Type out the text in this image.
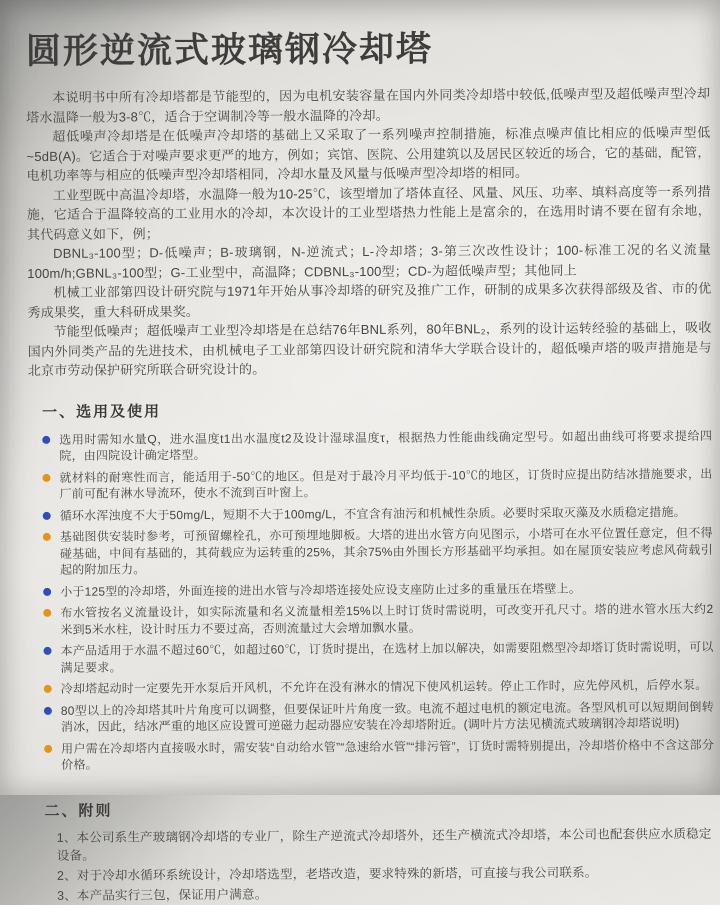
圆形逆流式玻璃钢冷却塔

本说明书中所有冷却塔都是节能型的，因为电机安装容量在国内外同类冷却塔中较低,低噪声型及超低噪声型冷却塔水温降一般为3-8℃，适合于空调制冷等一般水温降的冷却。

超低噪声冷却塔是在低噪声冷却塔的基础上又采取了一系列噪声控制措施，标准点噪声值比相应的低噪声型低~5dB(A)。它适合于对噪声要求更严的地方，例如；宾馆、医院、公用建筑以及居民区较近的场合，它的基础，配管，电机功率等与相应的低噪声型冷却塔相同，冷却水量及风量与低噪声型冷却塔的相同。

工业型既中高温冷却塔，水温降一般为10-25℃，该型增加了塔体直径、风量、风压、功率、填料高度等一系列措施，它适合于温降较高的工业用水的冷却，本次设计的工业型塔热力性能上是富余的，在选用时请不要在留有余地，其代码意义如下，例；

DBNL₃-100型；D-低噪声；B-玻璃钢，N-逆流式；L-冷却塔；3-第三次改性设计；100-标准工况的名义流量100m/h;GBNL₃-100型；G-工业型中，高温降；CDBNL₃-100型；CD-为超低噪声型；其他同上

机械工业部第四设计研究院与1971年开始从事冷却塔的研究及推广工作，研制的成果多次获得部级及省、市的优秀成果奖，重大科研成果奖。

节能型低噪声；超低噪声工业型冷却塔是在总结76年BNL系列，80年BNL₂，系列的设计运转经验的基础上，吸收国内外同类产品的先进技术，由机械电子工业部第四设计研究院和清华大学联合设计的，超低噪声塔的吸声措施是与北京市劳动保护研究所联合研究设计的。

一、选用及使用
选用时需知水量Q，进水温度t1出水温度t2及设计湿球温度τ，根据热力性能曲线确定型号。如超出曲线可将要求提给四院，由四院设计确定塔型。
就材料的耐寒性而言，能适用于-50℃的地区。但是对于最冷月平均低于-10℃的地区，订货时应提出防结冰措施要求，出厂前可配有淋水导流环，使水不流到百叶窗上。
循环水浑浊度不大于50mg/L，短期不大于100mg/L，不宜含有油污和机械性杂质。必要时采取灭藻及水质稳定措施。
基础图供安装时参考，可预留螺栓孔，亦可预埋地脚板。大塔的进出水管方向见图示，小塔可在水平位置任意定，但不得碰基础，中间有基础的，其荷载应为运转重的25%，其余75%由外围长方形基础平均承担。如在屋顶安装应考虑风荷载引起的附加压力。
小于125型的冷却塔，外面连接的进出水管与冷却塔连接处应设支座防止过多的重量压在塔壁上。
布水管按名义流量设计，如实际流量和名义流量相差15%以上时订货时需说明，可改变开孔尺寸。塔的进水管水压大约2米到5米水柱，设计时压力不要过高，否则流量过大会增加飘水量。
本产品适用于水温不超过60℃，如超过60℃，订货时提出，在选材上加以解决，如需要阻燃型冷却塔订货时需说明，可以满足要求。
冷却塔起动时一定要先开水泵后开风机，不允许在没有淋水的情况下使风机运转。停止工作时，应先停风机，后停水泵。
80型以上的冷却塔其叶片角度可以调整，但要保证叶片角度一致。电流不超过电机的额定电流。各型风机可以短期间倒转消冰，因此，结冰严重的地区应设置可逆磁力起动器应安装在冷却塔附近。(调叶片方法见横流式玻璃钢冷却塔说明)
用户需在冷却塔内直接吸水时，需安装“自动给水管”“急速给水管”“排污管”，订货时需特别提出，冷却塔价格中不含这部分价格。
二、附则

1、本公司系生产玻璃钢冷却塔的专业厂，除生产逆流式冷却塔外，还生产横流式冷却塔，本公司也配套供应水质稳定设备。

2、对于冷却水循环系统设计，冷却塔选型，老塔改造，要求特殊的新塔，可直接与我公司联系。

3、本产品实行三包，保证用户满意。
